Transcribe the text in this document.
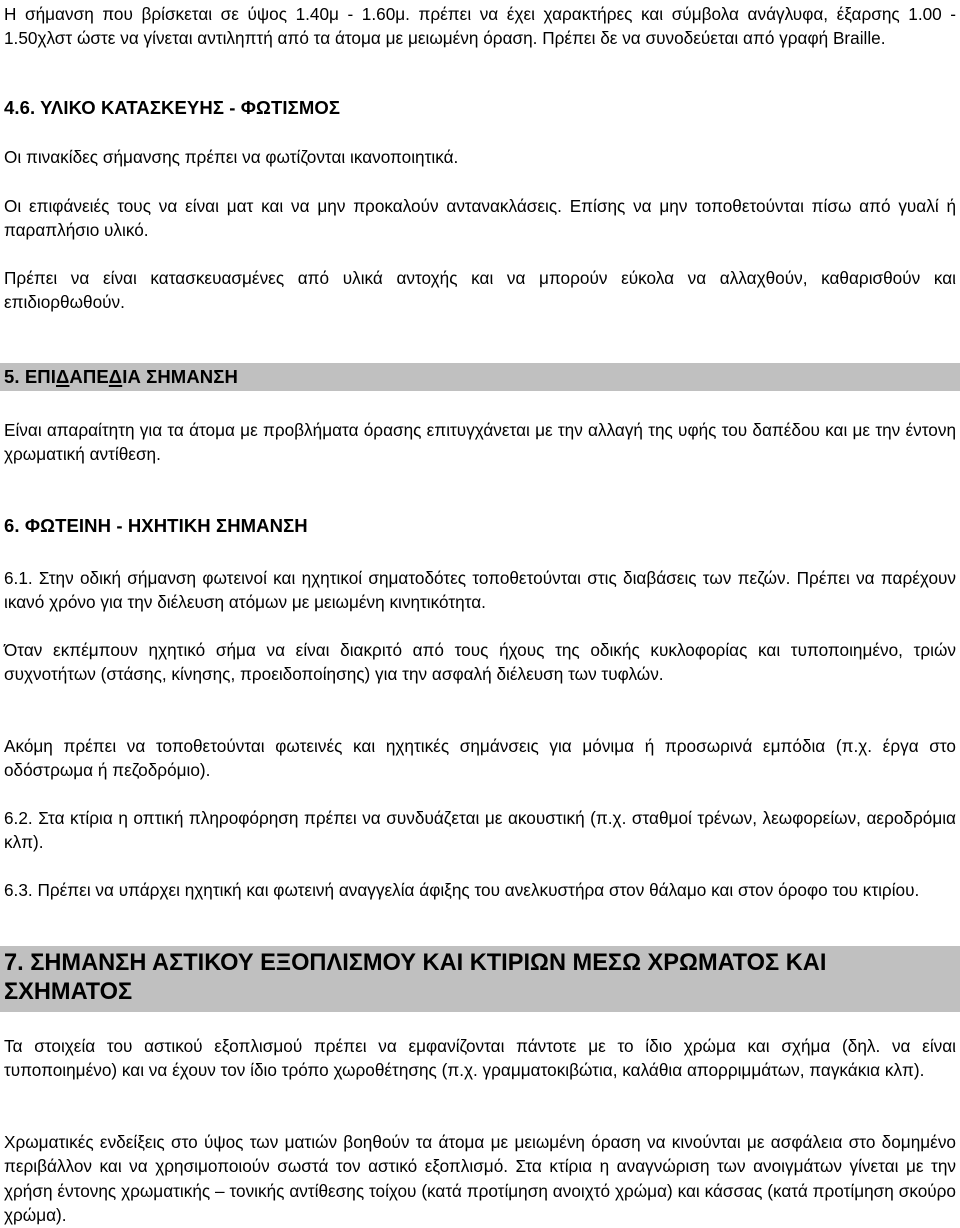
Η σήμανση που βρίσκεται σε ύψος 1.40μ - 1.60μ. πρέπει να έχει χαρακτήρες και σύμβολα ανάγλυφα, έξαρσης 1.00 - 1.50χλστ ώστε να γίνεται αντιληπτή από τα άτομα με μειωμένη όραση. Πρέπει δε να συνοδεύεται από γραφή Braille.

4.6. ΥΛΙΚΟ ΚΑΤΑΣΚΕΥΗΣ - ΦΩΤΙΣΜΟΣ

Οι πινακίδες σήμανσης πρέπει να φωτίζονται ικανοποιητικά.

Οι επιφάνειές τους να είναι ματ και να μην προκαλούν αντανακλάσεις. Επίσης να μην τοποθετούνται πίσω από γυαλί ή παραπλήσιο υλικό.

Πρέπει να είναι κατασκευασμένες από υλικά αντοχής και να μπορούν εύκολα να αλλαχθούν, καθαρισθούν και επιδιορθωθούν.

5. ΕΠΙΔΑΠΕΔΙΑ ΣΗΜΑΝΣΗ

Είναι απαραίτητη για τα άτομα με προβλήματα όρασης επιτυγχάνεται με την αλλαγή της υφής του δαπέδου και με την έντονη χρωματική αντίθεση.

6. ΦΩΤΕΙΝΗ - ΗΧΗΤΙΚΗ ΣΗΜΑΝΣΗ

6.1. Στην οδική σήμανση φωτεινοί και ηχητικοί σηματοδότες τοποθετούνται στις διαβάσεις των πεζών. Πρέπει να παρέχουν ικανό χρόνο για την διέλευση ατόμων με μειωμένη κινητικότητα.

Όταν εκπέμπουν ηχητικό σήμα να είναι διακριτό από τους ήχους της οδικής κυκλοφορίας και τυποποιημένο, τριών συχνοτήτων (στάσης, κίνησης, προειδοποίησης) για την ασφαλή διέλευση των τυφλών.

Ακόμη πρέπει να τοποθετούνται φωτεινές και ηχητικές σημάνσεις για μόνιμα ή προσωρινά εμπόδια (π.χ. έργα στο οδόστρωμα ή πεζοδρόμιο).

6.2. Στα κτίρια η οπτική πληροφόρηση πρέπει να συνδυάζεται με ακουστική (π.χ. σταθμοί τρένων, λεωφορείων, αεροδρόμια κλπ).

6.3. Πρέπει να υπάρχει ηχητική και φωτεινή αναγγελία άφιξης του ανελκυστήρα στον θάλαμο και στον όροφο του κτιρίου.

7. ΣΗΜΑΝΣΗ ΑΣΤΙΚΟΥ ΕΞΟΠΛΙΣΜΟΥ ΚΑΙ ΚΤΙΡΙΩΝ ΜΕΣΩ ΧΡΩΜΑΤΟΣ ΚΑΙ ΣΧΗΜΑΤΟΣ

Τα στοιχεία του αστικού εξοπλισμού πρέπει να εμφανίζονται πάντοτε με το ίδιο χρώμα και σχήμα (δηλ. να είναι τυποποιημένο) και να έχουν τον ίδιο τρόπο χωροθέτησης (π.χ. γραμματοκιβώτια, καλάθια απορριμμάτων, παγκάκια κλπ).

Χρωματικές ενδείξεις στο ύψος των ματιών βοηθούν τα άτομα με μειωμένη όραση να κινούνται με ασφάλεια στο δομημένο περιβάλλον και να χρησιμοποιούν σωστά τον αστικό εξοπλισμό. Στα κτίρια η αναγνώριση των ανοιγμάτων γίνεται με την χρήση έντονης χρωματικής – τονικής αντίθεσης τοίχου (κατά προτίμηση ανοιχτό χρώμα) και κάσσας (κατά προτίμηση σκούρο χρώμα).
